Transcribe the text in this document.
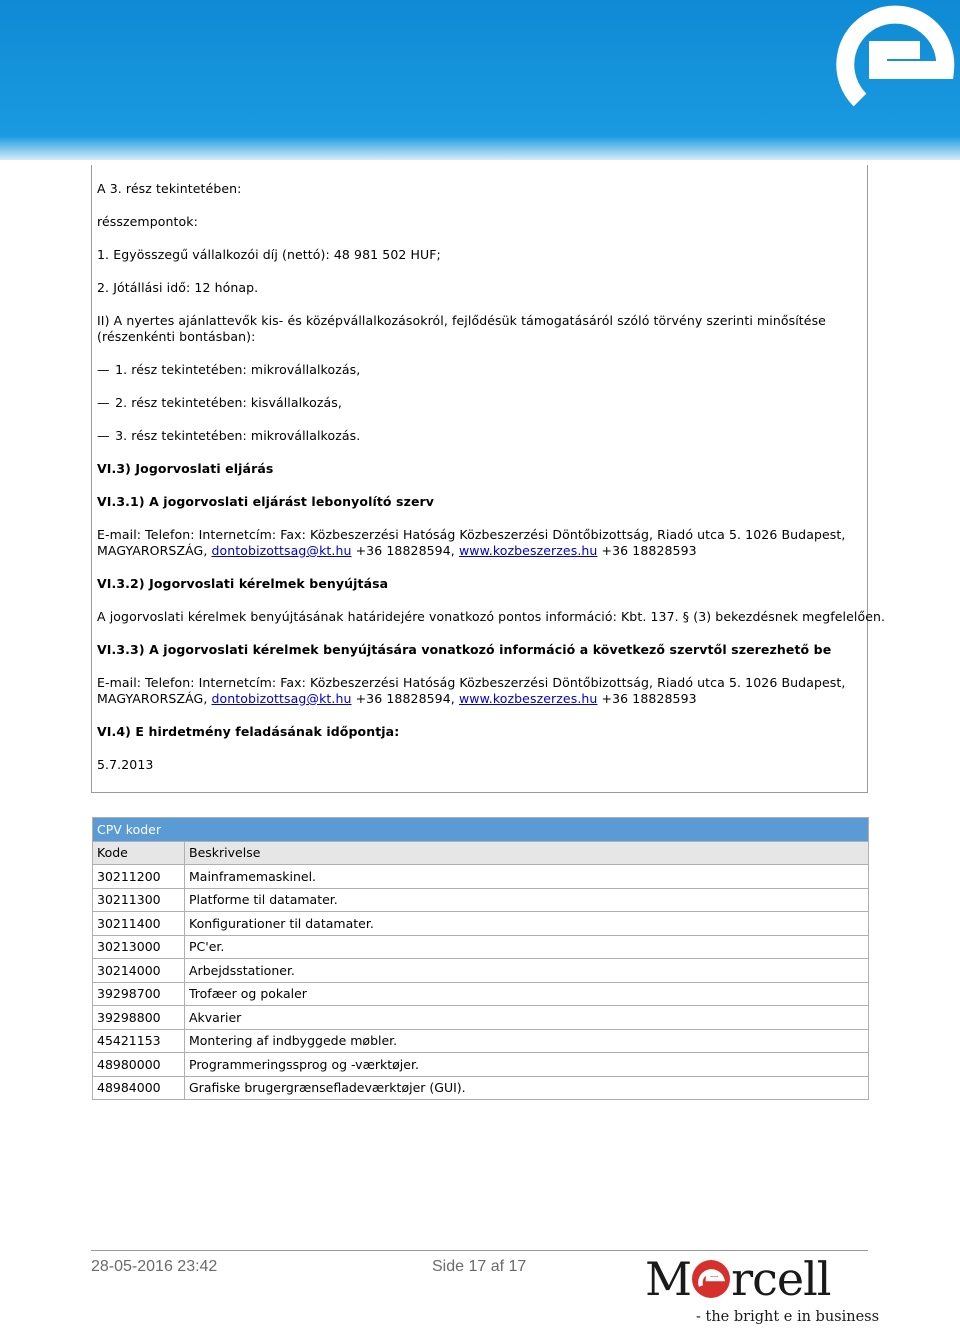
A 3. rész tekintetében:
résszempontok:
1. Egyösszegű vállalkozói díj (nettó): 48 981 502 HUF;
2. Jótállási idő: 12 hónap.
II) A nyertes ajánlattevők kis- és középvállalkozásokról, fejlődésük támogatásáról szóló törvény szerinti minősítése (részenkénti bontásban):
— 1. rész tekintetében: mikrovállalkozás,
— 2. rész tekintetében: kisvállalkozás,
— 3. rész tekintetében: mikrovállalkozás.
VI.3) Jogorvoslati eljárás
VI.3.1) A jogorvoslati eljárást lebonyolító szerv
E-mail: Telefon: Internetcím: Fax: Közbeszerzési Hatóság Közbeszerzési Döntőbizottság, Riadó utca 5. 1026 Budapest,
MAGYARORSZÁG, dontobizottsag@kt.hu +36 18828594, www.kozbeszerzes.hu +36 18828593
VI.3.2) Jogorvoslati kérelmek benyújtása
A jogorvoslati kérelmek benyújtásának határidejére vonatkozó pontos információ: Kbt. 137. § (3) bekezdésnek megfelelően.
VI.3.3) A jogorvoslati kérelmek benyújtására vonatkozó információ a következő szervtől szerezhető be
E-mail: Telefon: Internetcím: Fax: Közbeszerzési Hatóság Közbeszerzési Döntőbizottság, Riadó utca 5. 1026 Budapest,
MAGYARORSZÁG, dontobizottsag@kt.hu +36 18828594, www.kozbeszerzes.hu +36 18828593
VI.4) E hirdetmény feladásának időpontja:
5.7.2013
CPV koder	
Kode	Beskrivelse
30211200	Mainframemaskinel.
30211300	Platforme til datamater.
30211400	Konfigurationer til datamater.
30213000	PC'er.
30214000	Arbejdsstationer.
39298700	Trofæer og pokaler
39298800	Akvarier
45421153	Montering af indbyggede møbler.
48980000	Programmeringssprog og -værktøjer.
48984000	Grafiske brugergrænsefladeværktøjer (GUI).
28-05-2016 23:42	Side 17 af 17	M rcell
- the bright e in business
